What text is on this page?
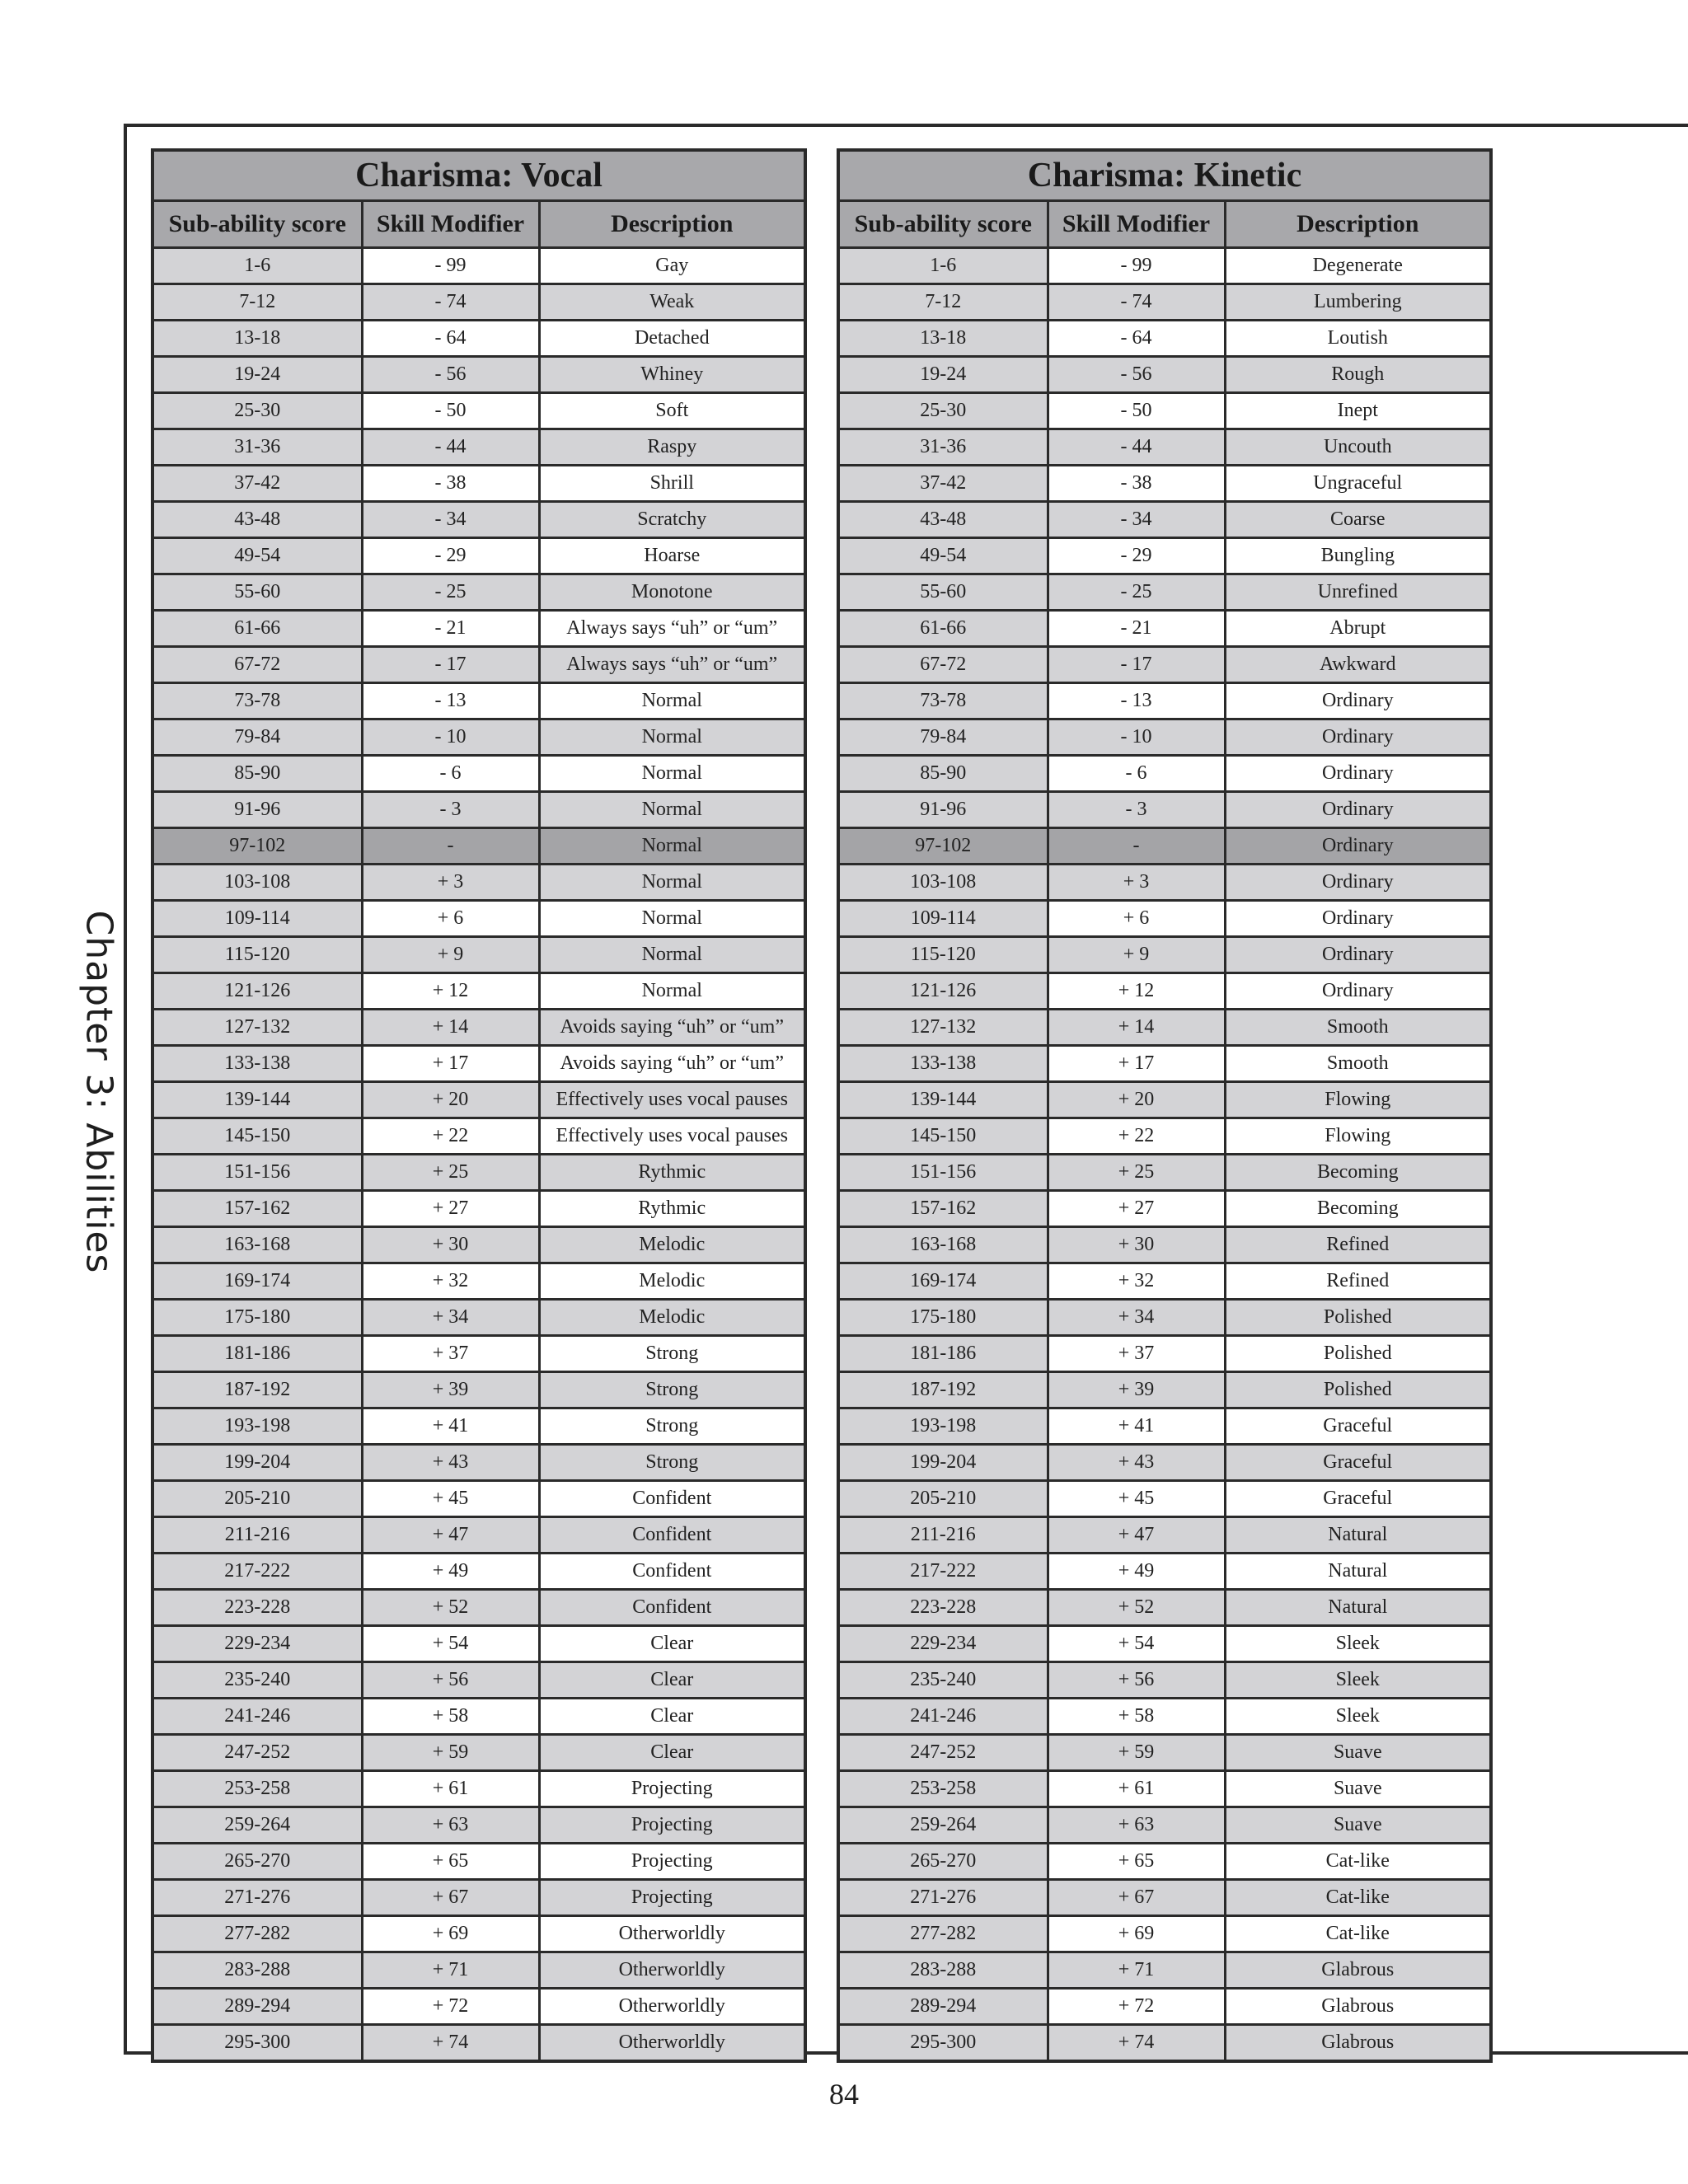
Chapter 3: Abilities
Charisma: Vocal		
Sub-ability score	Skill Modifier	Description
1-6	- 99	Gay
7-12	- 74	Weak
13-18	- 64	Detached
19-24	- 56	Whiney
25-30	- 50	Soft
31-36	- 44	Raspy
37-42	- 38	Shrill
43-48	- 34	Scratchy
49-54	- 29	Hoarse
55-60	- 25	Monotone
61-66	- 21	Always says “uh” or “um”
67-72	- 17	Always says “uh” or “um”
73-78	- 13	Normal
79-84	- 10	Normal
85-90	- 6	Normal
91-96	- 3	Normal
97-102	-	Normal
103-108	+ 3	Normal
109-114	+ 6	Normal
115-120	+ 9	Normal
121-126	+ 12	Normal
127-132	+ 14	Avoids saying “uh” or “um”
133-138	+ 17	Avoids saying “uh” or “um”
139-144	+ 20	Effectively uses vocal pauses
145-150	+ 22	Effectively uses vocal pauses
151-156	+ 25	Rythmic
157-162	+ 27	Rythmic
163-168	+ 30	Melodic
169-174	+ 32	Melodic
175-180	+ 34	Melodic
181-186	+ 37	Strong
187-192	+ 39	Strong
193-198	+ 41	Strong
199-204	+ 43	Strong
205-210	+ 45	Confident
211-216	+ 47	Confident
217-222	+ 49	Confident
223-228	+ 52	Confident
229-234	+ 54	Clear
235-240	+ 56	Clear
241-246	+ 58	Clear
247-252	+ 59	Clear
253-258	+ 61	Projecting
259-264	+ 63	Projecting
265-270	+ 65	Projecting
271-276	+ 67	Projecting
277-282	+ 69	Otherworldly
283-288	+ 71	Otherworldly
289-294	+ 72	Otherworldly
295-300	+ 74	Otherworldly
Charisma: Kinetic		
Sub-ability score	Skill Modifier	Description
1-6	- 99	Degenerate
7-12	- 74	Lumbering
13-18	- 64	Loutish
19-24	- 56	Rough
25-30	- 50	Inept
31-36	- 44	Uncouth
37-42	- 38	Ungraceful
43-48	- 34	Coarse
49-54	- 29	Bungling
55-60	- 25	Unrefined
61-66	- 21	Abrupt
67-72	- 17	Awkward
73-78	- 13	Ordinary
79-84	- 10	Ordinary
85-90	- 6	Ordinary
91-96	- 3	Ordinary
97-102	-	Ordinary
103-108	+ 3	Ordinary
109-114	+ 6	Ordinary
115-120	+ 9	Ordinary
121-126	+ 12	Ordinary
127-132	+ 14	Smooth
133-138	+ 17	Smooth
139-144	+ 20	Flowing
145-150	+ 22	Flowing
151-156	+ 25	Becoming
157-162	+ 27	Becoming
163-168	+ 30	Refined
169-174	+ 32	Refined
175-180	+ 34	Polished
181-186	+ 37	Polished
187-192	+ 39	Polished
193-198	+ 41	Graceful
199-204	+ 43	Graceful
205-210	+ 45	Graceful
211-216	+ 47	Natural
217-222	+ 49	Natural
223-228	+ 52	Natural
229-234	+ 54	Sleek
235-240	+ 56	Sleek
241-246	+ 58	Sleek
247-252	+ 59	Suave
253-258	+ 61	Suave
259-264	+ 63	Suave
265-270	+ 65	Cat-like
271-276	+ 67	Cat-like
277-282	+ 69	Cat-like
283-288	+ 71	Glabrous
289-294	+ 72	Glabrous
295-300	+ 74	Glabrous
84
